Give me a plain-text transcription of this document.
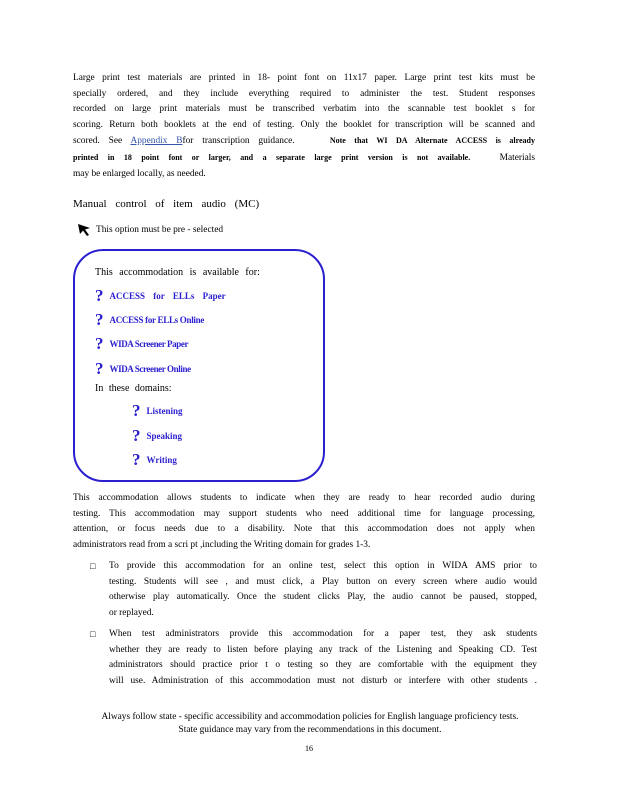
Large print test materials are printed in 18- point font on 11x17 paper. Large print test kits must be
specially ordered, and they include everything required to administer the test. Student responses
recorded on large print materials must be transcribed verbatim into the scannable test booklet s for
scoring. Return both booklets at the end of testing. Only the booklet for transcription will be scanned and
scored. See Appendix Bfor transcription guidance.	Note that WI DA Alternate ACCESS is already
printed in 18 point font or larger, and a separate large print version is not available.	Materials
may be enlarged locally, as needed.
Manual control of item audio (MC)
This option must be pre - selected
This accommodation is available for:
? ACCESS for ELLs Paper
? ACCESS for ELLs Online
? WIDA Screener Paper
? WIDA Screener Online
In these domains:
? Listening
? Speaking
? Writing
This accommodation allows students to indicate when they are ready to hear recorded audio during
testing. This accommodation may support students who need additional time for language processing,
attention, or focus needs due to a disability. Note that this accommodation does not apply when
administrators read from a scri pt ,including the Writing domain for grades 1-3.
□ To provide this accommodation for an online test, select this option in WIDA AMS prior to
testing. Students will see , and must click, a Play button on every screen where audio would
otherwise play automatically. Once the student clicks Play, the audio cannot be paused, stopped,
or replayed.
□ When test administrators provide this accommodation for a paper test, they ask students
whether they are ready to listen before playing any track of the Listening and Speaking CD. Test
administrators should practice prior t o testing so they are comfortable with the equipment they
will use. Administration of this accommodation must not disturb or interfere with other students .
Always follow state - specific accessibility and accommodation policies for English language proficiency tests.
State guidance may vary from the recommendations in this document.
16
